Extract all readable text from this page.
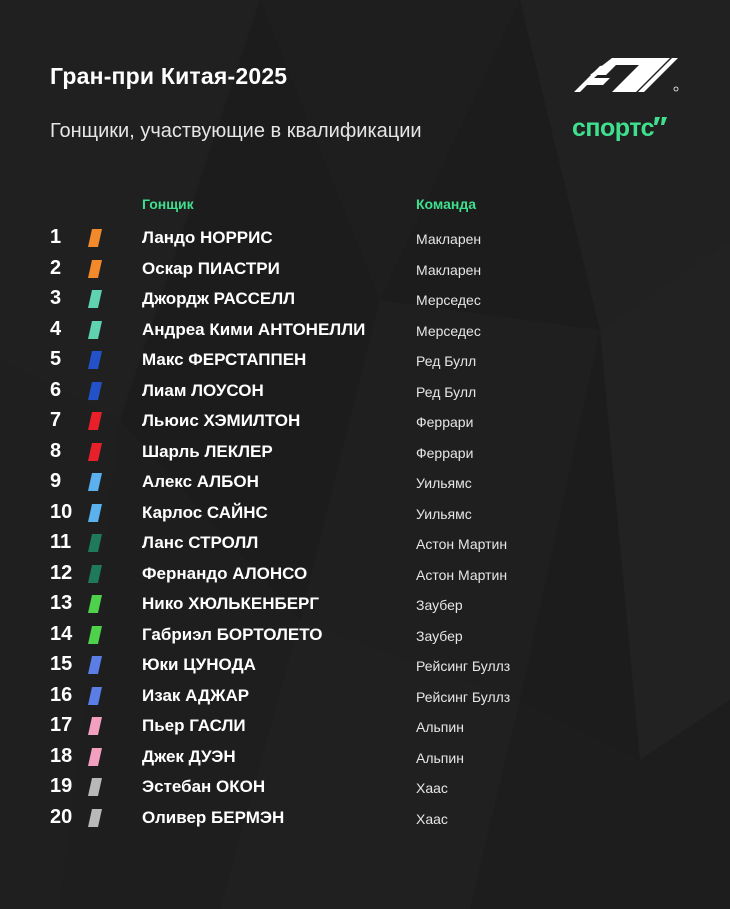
Гран-при Китая-2025
Гонщики, участвующие в квалификации	спортс
Гонщик	Команда
1	Ландо НОРРИС	Макларен
2	Оскар ПИАСТРИ	Макларен
3	Джордж РАССЕЛЛ	Мерседес
4	Андреа Кими АНТОНЕЛЛИ	Мерседес
5	Макс ФЕРСТАППЕН	Ред Булл
6	Лиам ЛОУСОН	Ред Булл
7	Льюис ХЭМИЛТОН	Феррари
8	Шарль ЛЕКЛЕР	Феррари
9	Алекс АЛБОН	Уильямс
10	Карлос САЙНС	Уильямс
11	Ланс СТРОЛЛ	Астон Мартин
12	Фернандо АЛОНСО	Астон Мартин
13	Нико ХЮЛЬКЕНБЕРГ	Заубер
14	Габриэл БОРТОЛЕТО	Заубер
15	Юки ЦУНОДА	Рейсинг Буллз
16	Изак АДЖАР	Рейсинг Буллз
17	Пьер ГАСЛИ	Альпин
18	Джек ДУЭН	Альпин
19	Эстебан ОКОН	Хаас
20	Оливер БЕРМЭН	Хаас
